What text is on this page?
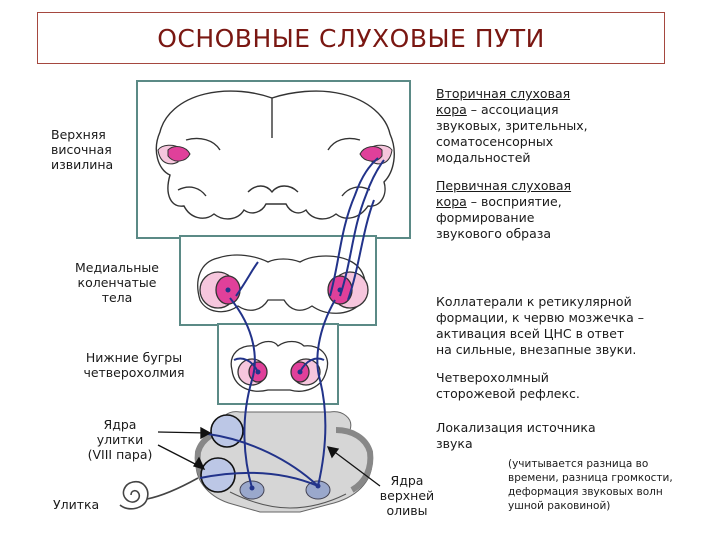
ОСНОВНЫЕ СЛУХОВЫЕ ПУТИ
Верхняя
височная
извилина
Медиальные
коленчатые
тела
Нижние бугры
четверохолмия
Ядра
улитки
(VIII пара)
Улитка
Ядра
верхней
оливы
Вторичная слуховая
кора – ассоциация
звуковых, зрительных,
соматосенсорных
модальностей
Первичная слуховая
кора – восприятие,
формирование
звукового образа
Коллатерали к ретикулярной
формации, к червю мозжечка –
активация всей ЦНС в ответ
на сильные, внезапные звуки.
Четверохолмный
сторожевой рефлекс.
Локализация источника
звука
(учитывается разница во
времени, разница громкости,
деформация звуковых волн
ушной раковиной)
